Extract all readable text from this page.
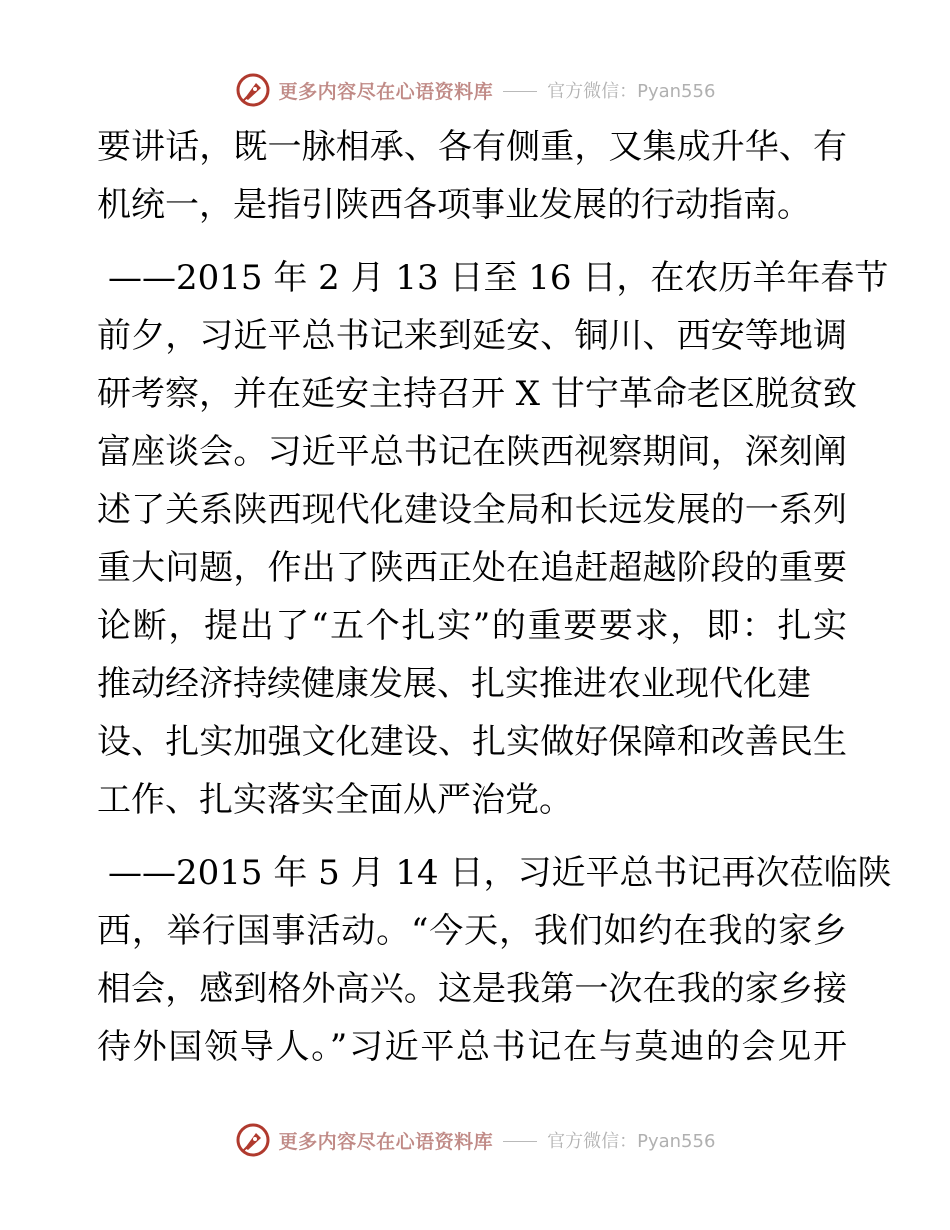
更多内容尽在心语资料库	官方微信：Pyan556
要讲话，既一脉相承、各有侧重，又集成升华、有
机统一，是指引陕西各项事业发展的行动指南。
——2015 年 2 月 13 日至 16 日，在农历羊年春节
前夕，习近平总书记来到延安、铜川、西安等地调
研考察，并在延安主持召开 X 甘宁革命老区脱贫致
富座谈会。习近平总书记在陕西视察期间，深刻阐
述了关系陕西现代化建设全局和长远发展的一系列
重大问题，作出了陕西正处在追赶超越阶段的重要
论断，提出了“五个扎实”的重要要求，即：扎实
推动经济持续健康发展、扎实推进农业现代化建
设、扎实加强文化建设、扎实做好保障和改善民生
工作、扎实落实全面从严治党。
——2015 年 5 月 14 日，习近平总书记再次莅临陕
西，举行国事活动。“今天，我们如约在我的家乡
相会，感到格外高兴。这是我第一次在我的家乡接
待外国领导人。”习近平总书记在与莫迪的会见开
更多内容尽在心语资料库	官方微信：Pyan556
